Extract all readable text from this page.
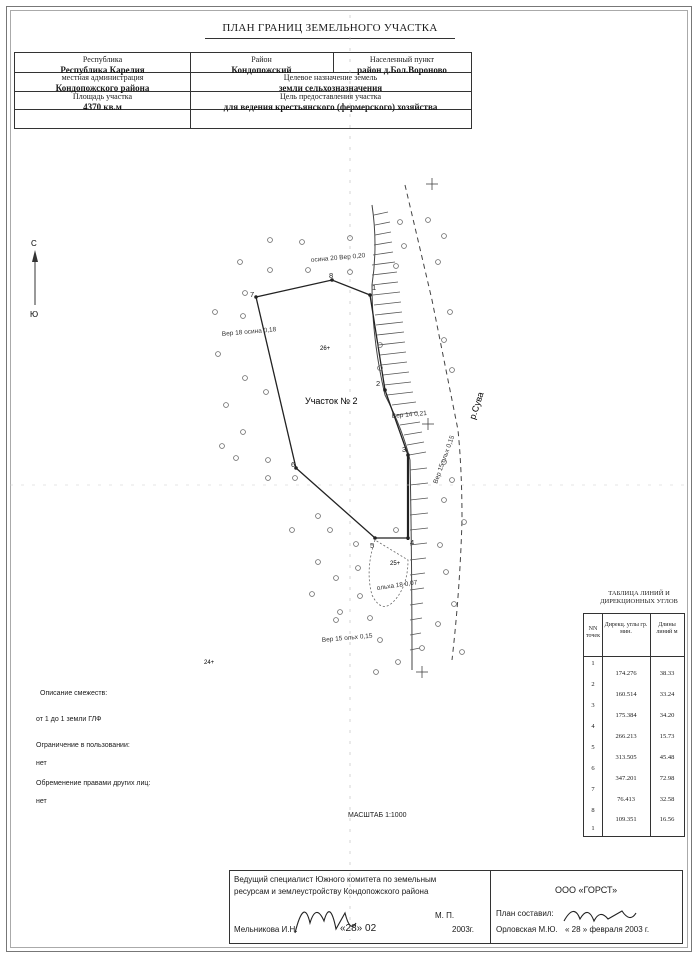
ПЛАН ГРАНИЦ ЗЕМЕЛЬНОГО УЧАСТКА
Республика
Республика Карелия
Район
Кондопожский
Населенный пункт
район д.Бол.Вороново
местная администрация
Кондопожского района
Целевое назначение земель
земли сельхозназначения
Площадь участка
4370 кв.м
Цель предоставления участка
для ведения крестьянского (фермерского) хозяйства
С
Ю
1
2
3
4
5
6
7
8
Участок № 2
26+
25+
24+
р.Сува
осина 20 Вер 0,20
Вер 18 осина 0,18
Вер 14 0,21
Вер 15 ольх 0,15
ольха 18 0,07
Вер 15 ольх 0,15
ТАБЛИЦА ЛИНИЙ И ДИРЕКЦИОННЫХ УГЛОВ
NN точек
Дирекц. углы гр. мин.
Длины линий м
1
2
3
4
5
6
7
8
1
174.276
160.514
175.384
266.213
313.505
347.201
76.413
109.351
38.33
33.24
34.20
15.73
45.48
72.98
32.58
16.56
Описание смежеств:
от 1 до 1 земли ГЛФ
Ограничение в пользовании:
нет
Обременение правами других лиц:
нет
МАСШТАБ 1:1000
Ведущий специалист Южного комитета по земельным
ресурсам и землеустройству Кондопожского района
М. П.
Мельникова И.Н.	«28» 02	2003г.
ООО «ГОРСТ»
План составил:
Орловская М.Ю. « 28 » февраля 2003 г.
